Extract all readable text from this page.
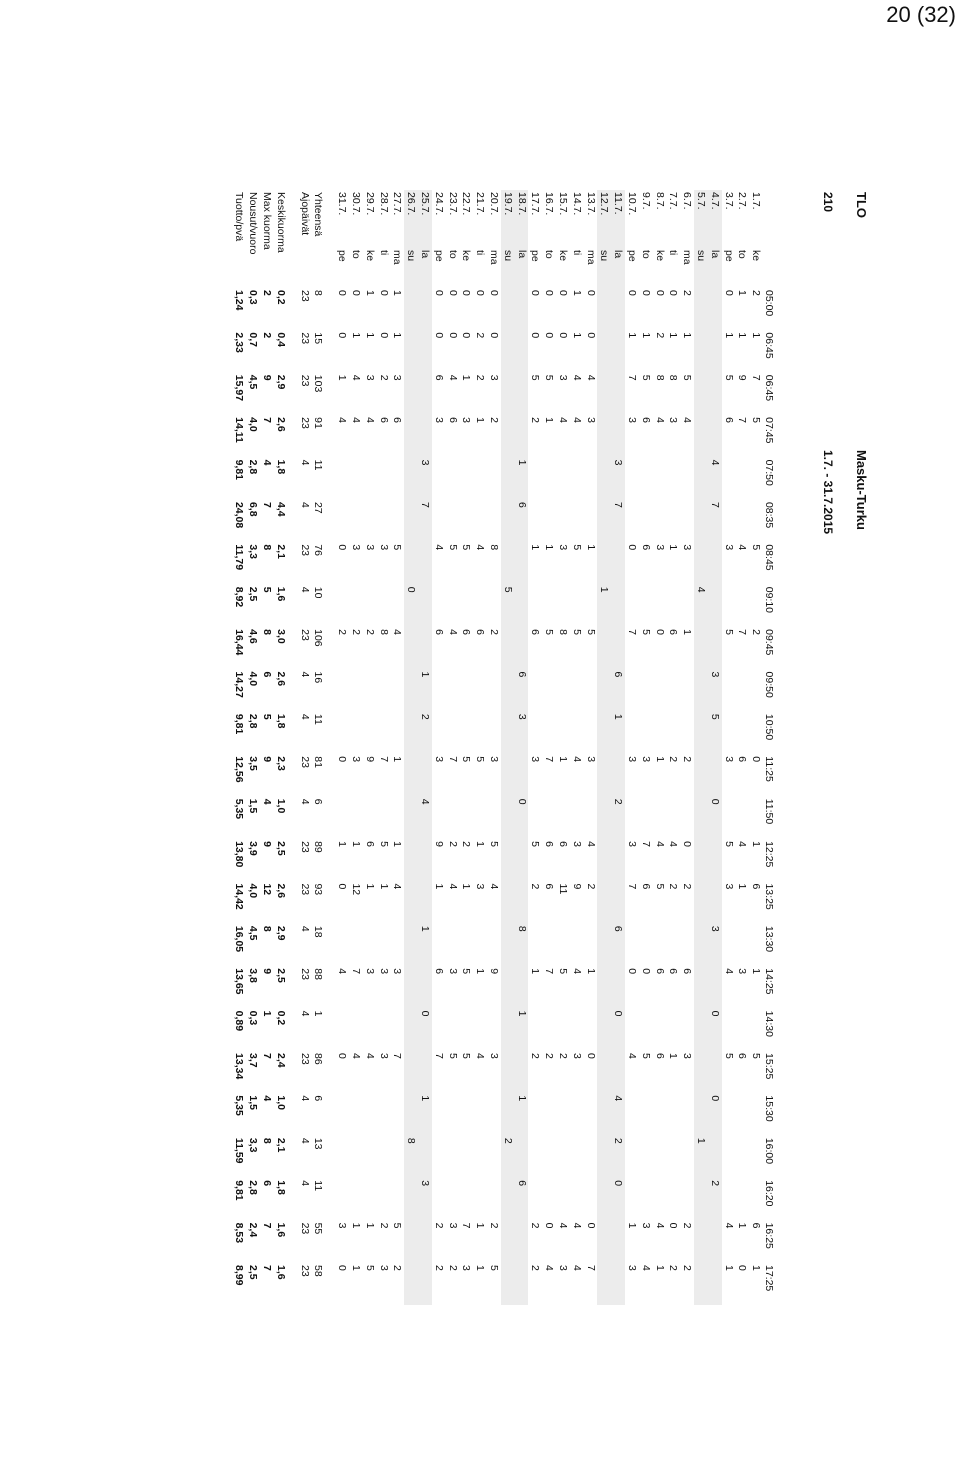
20 (32)
TLO
210
Masku-Turku
1.7. - 31.7.2015
		05:00	06:45	06:45	07:45	07:50	08:35	08:45	09:10	09:45	09:50	10:50	11:25	11:50	12:25	13:25	13:30	14:25	14:30	15:25	15:30	16:00	16:20	16:25	17:25
1.7.	ke	2	1	7	5			5		2			0		1	6		1		5				6	1
2.7.	to	1	1	9	7			4		7			6		4	1		3		6				1	0
3.7.	pe	0	1	5	6			3		5			3		5	3		4		5				4	1
4.7.	la					4	7				3	5		0			3		0		0		2		
5.7.	su								4													1			
6.7.	ma	2	1	5	4			3		1			2		0	2		6		3				2	2
7.7.	ti	0	1	8	3			1		6			2		4	2		6		1				0	2
8.7.	ke	0	2	8	4			3		0			1		4	5		6		6				4	1
9.7.	to	0	1	5	6			6		5			3		7	6		0		5				3	4
10.7.	pe	0	1	7	3			0		7			3		3	7		0		4				1	3
11.7.	la					3	7				6	1		2			6		0		4	2	0		
12.7.	su								1																
13.7.	ma	0	0	4	3			1		5			3		4	2		1		0				0	7
14.7.	ti	1	1	4	4			5		5			4		3	9		4		3				4	4
15.7.	ke	0	0	3	4			3		8			1		6	11		5		2				4	3
16.7.	to	0	0	5	1			1		5			7		6	6		7		2				0	4
17.7.	pe	0	0	5	2			1		6			3		5	2		1		2				2	2
18.7.	la					1	6				6	3		0			8		1		1		6		
19.7.	su								5													2			
20.7.	ma	0	0	3	2			8		2			3		5	4		9		3				2	5
21.7.	ti	0	2	2	1			4		6			5		1	3		1		4				1	1
22.7.	ke	0	0	1	3			5		6			5		2	1		5		5				7	3
23.7.	to	0	0	4	6			5		4			7		2	4		3		5				3	2
24.7.	pe	0	0	6	3			4		6			3		9	1		6		7				2	2
25.7.	la					3	7				1	2		4			1		0		1		3		
26.7.	su								0													8			
27.7.	ma	1	1	3	6			5		4			1		1	4		3		7				5	2
28.7.	ti	0	0	2	6			3		8			7		5	1		3		3				2	3
29.7.	ke	1	1	3	4			3		2			9		6	1		3		4				1	5
30.7.	to	0	1	4	4			3		2			3		1	12		7		4				1	1
31.7.	pe	0	0	1	4			0		2			0		1	0		4		0				3	0

Yhteensä		8	15	103	91	11	27	76	10	106	16	11	81	6	89	93	18	88	1	86	6	13	11	55	58
Ajopäivät		23	23	23	23	4	4	23	4	23	4	4	23	4	23	23	4	23	4	23	4	4	4	23	23

Keskikuorma		0,2	0,4	2,9	2,6	1,8	4,4	2,1	1,6	3,0	2,6	1,8	2,3	1,0	2,5	2,6	2,9	2,5	0,2	2,4	1,0	2,1	1,8	1,6	1,6
Max kuorma		2	2	9	7	4	7	8	5	8	6	5	9	4	9	12	8	9	1	7	4	8	6	7	7
Nousut/vuoro		0,3	0,7	4,5	4,0	2,8	6,8	3,3	2,5	4,6	4,0	2,8	3,5	1,5	3,9	4,0	4,5	3,8	0,3	3,7	1,5	3,3	2,8	2,4	2,5
Tuotto/pvä		1,24	2,33	15,97	14,11	9,81	24,08	11,79	8,92	16,44	14,27	9,81	12,56	5,35	13,80	14,42	16,05	13,65	0,89	13,34	5,35	11,59	9,81	8,53	8,99
